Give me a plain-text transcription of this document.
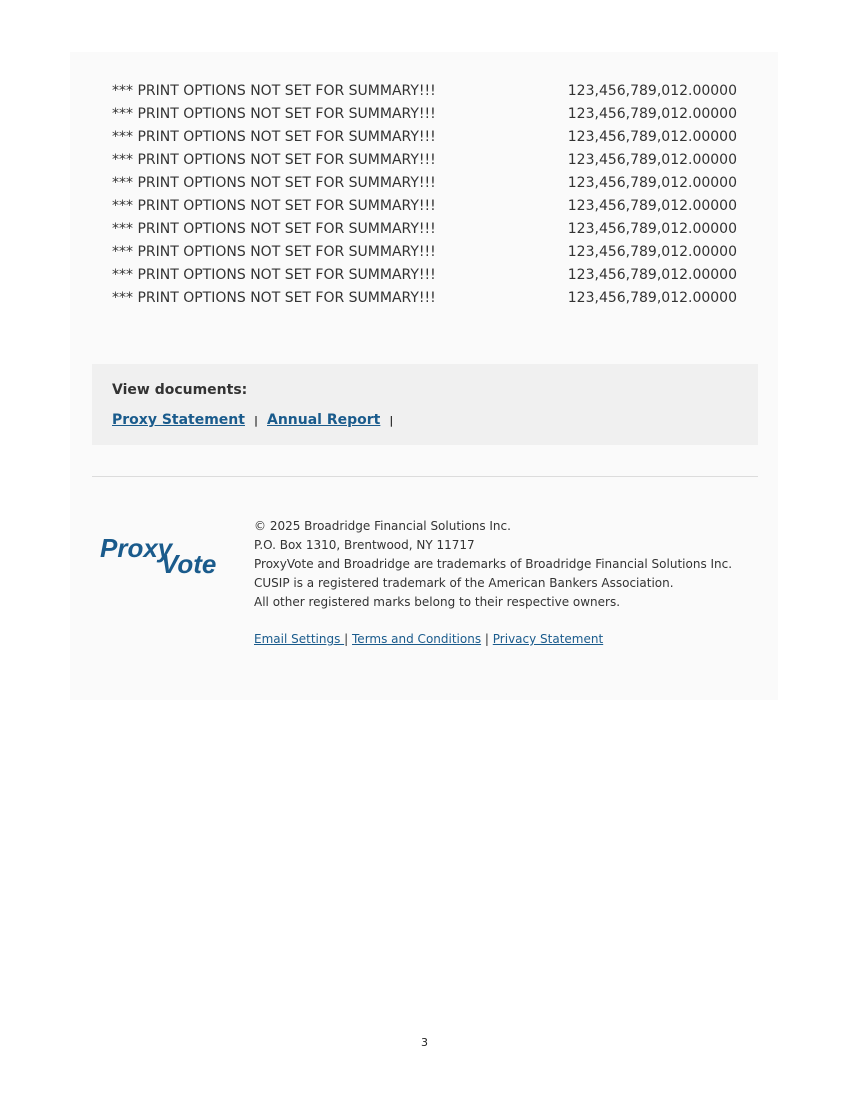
*** PRINT OPTIONS NOT SET FOR SUMMARY!!!	123,456,789,012.00000
*** PRINT OPTIONS NOT SET FOR SUMMARY!!!	123,456,789,012.00000
*** PRINT OPTIONS NOT SET FOR SUMMARY!!!	123,456,789,012.00000
*** PRINT OPTIONS NOT SET FOR SUMMARY!!!	123,456,789,012.00000
*** PRINT OPTIONS NOT SET FOR SUMMARY!!!	123,456,789,012.00000
*** PRINT OPTIONS NOT SET FOR SUMMARY!!!	123,456,789,012.00000
*** PRINT OPTIONS NOT SET FOR SUMMARY!!!	123,456,789,012.00000
*** PRINT OPTIONS NOT SET FOR SUMMARY!!!	123,456,789,012.00000
*** PRINT OPTIONS NOT SET FOR SUMMARY!!!	123,456,789,012.00000
*** PRINT OPTIONS NOT SET FOR SUMMARY!!!	123,456,789,012.00000
View documents:
Proxy Statement | Annual Report |
Proxy
Vote
© 2025 Broadridge Financial Solutions Inc.
P.O. Box 1310, Brentwood, NY 11717
ProxyVote and Broadridge are trademarks of Broadridge Financial Solutions Inc.
CUSIP is a registered trademark of the American Bankers Association.
All other registered marks belong to their respective owners.
Email Settings | Terms and Conditions | Privacy Statement
3
